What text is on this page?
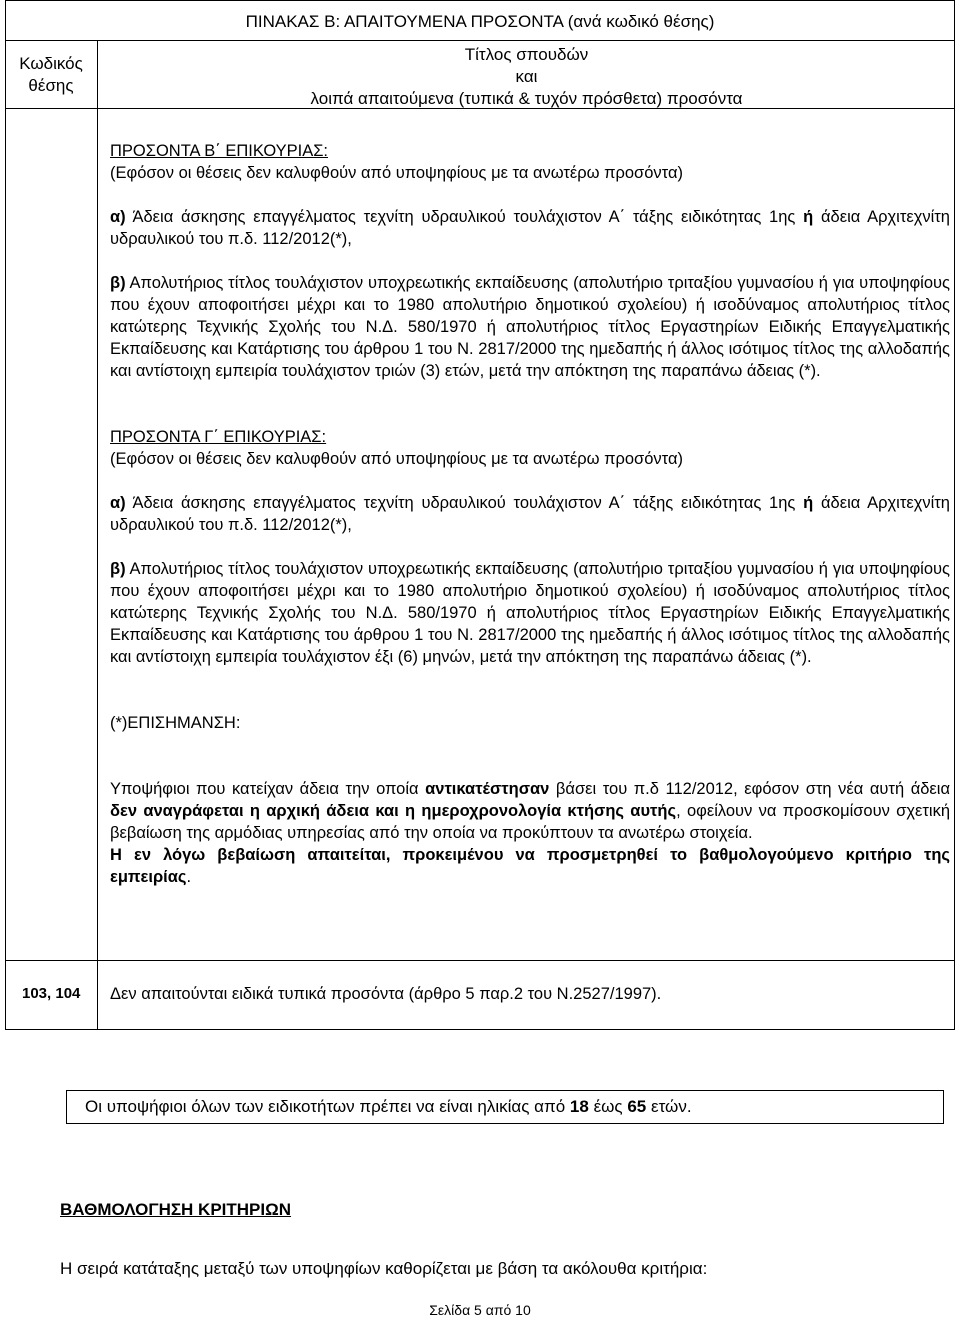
ΠΙΝΑΚΑΣ Β: ΑΠΑΙΤΟΥΜΕΝΑ ΠΡΟΣΟΝΤΑ (ανά κωδικό θέσης)
Κωδικός
θέσης
Τίτλος σπουδών
και
λοιπά απαιτούμενα (τυπικά & τυχόν πρόσθετα) προσόντα

ΠΡΟΣΟΝΤΑ Β΄ ΕΠΙΚΟΥΡΙΑΣ:

(Εφόσον οι θέσεις δεν καλυφθούν από υποψηφίους με τα ανωτέρω προσόντα)

α) Άδεια άσκησης επαγγέλματος τεχνίτη υδραυλικού τουλάχιστον Α΄ τάξης ειδικότητας 1ης ή άδεια Αρχιτεχνίτη υδραυλικού του π.δ. 112/2012(*),

β) Απολυτήριος τίτλος τουλάχιστον υποχρεωτικής εκπαίδευσης (απολυτήριο τριταξίου γυμνασίου ή για υποψηφίους που έχουν αποφοιτήσει μέχρι και το 1980 απολυτήριο δημοτικού σχολείου) ή ισοδύναμος απολυτήριος τίτλος κατώτερης Τεχνικής Σχολής του Ν.Δ. 580/1970 ή απολυτήριος τίτλος Εργαστηρίων Ειδικής Επαγγελματικής Εκπαίδευσης και Κατάρτισης του άρθρου 1 του Ν. 2817/2000 της ημεδαπής ή άλλος ισότιμος τίτλος της αλλοδαπής και αντίστοιχη εμπειρία τουλάχιστον τριών (3) ετών, μετά την απόκτηση της παραπάνω άδειας (*).

ΠΡΟΣΟΝΤΑ Γ΄ ΕΠΙΚΟΥΡΙΑΣ:

(Εφόσον οι θέσεις δεν καλυφθούν από υποψηφίους με τα ανωτέρω προσόντα)

α) Άδεια άσκησης επαγγέλματος τεχνίτη υδραυλικού τουλάχιστον Α΄ τάξης ειδικότητας 1ης ή άδεια Αρχιτεχνίτη υδραυλικού του π.δ. 112/2012(*),

β) Απολυτήριος τίτλος τουλάχιστον υποχρεωτικής εκπαίδευσης (απολυτήριο τριταξίου γυμνασίου ή για υποψηφίους που έχουν αποφοιτήσει μέχρι και το 1980 απολυτήριο δημοτικού σχολείου) ή ισοδύναμος απολυτήριος τίτλος κατώτερης Τεχνικής Σχολής του Ν.Δ. 580/1970 ή απολυτήριος τίτλος Εργαστηρίων Ειδικής Επαγγελματικής Εκπαίδευσης και Κατάρτισης του άρθρου 1 του Ν. 2817/2000 της ημεδαπής ή άλλος ισότιμος τίτλος της αλλοδαπής και αντίστοιχη εμπειρία τουλάχιστον έξι (6) μηνών, μετά την απόκτηση της παραπάνω άδειας (*).

(*)ΕΠΙΣΗΜΑΝΣΗ:

Υποψήφιοι που κατείχαν άδεια την οποία αντικατέστησαν βάσει του π.δ 112/2012, εφόσον στη νέα αυτή άδεια δεν αναγράφεται η αρχική άδεια και η ημεροχρονολογία κτήσης αυτής, οφείλουν να προσκομίσουν σχετική βεβαίωση της αρμόδιας υπηρεσίας από την οποία να προκύπτουν τα ανωτέρω στοιχεία.

Η εν λόγω βεβαίωση απαιτείται, προκειμένου να προσμετρηθεί το βαθμολογούμενο κριτήριο της εμπειρίας.

103, 104 Δεν απαιτούνται ειδικά τυπικά προσόντα (άρθρο 5 παρ.2 του Ν.2527/1997).
Οι υποψήφιοι όλων των ειδικοτήτων πρέπει να είναι ηλικίας από 18 έως 65 ετών.
ΒΑΘΜΟΛΟΓΗΣΗ ΚΡΙΤΗΡΙΩΝ
Η σειρά κατάταξης μεταξύ των υποψηφίων καθορίζεται με βάση τα ακόλουθα κριτήρια:
Σελίδα 5 από 10
